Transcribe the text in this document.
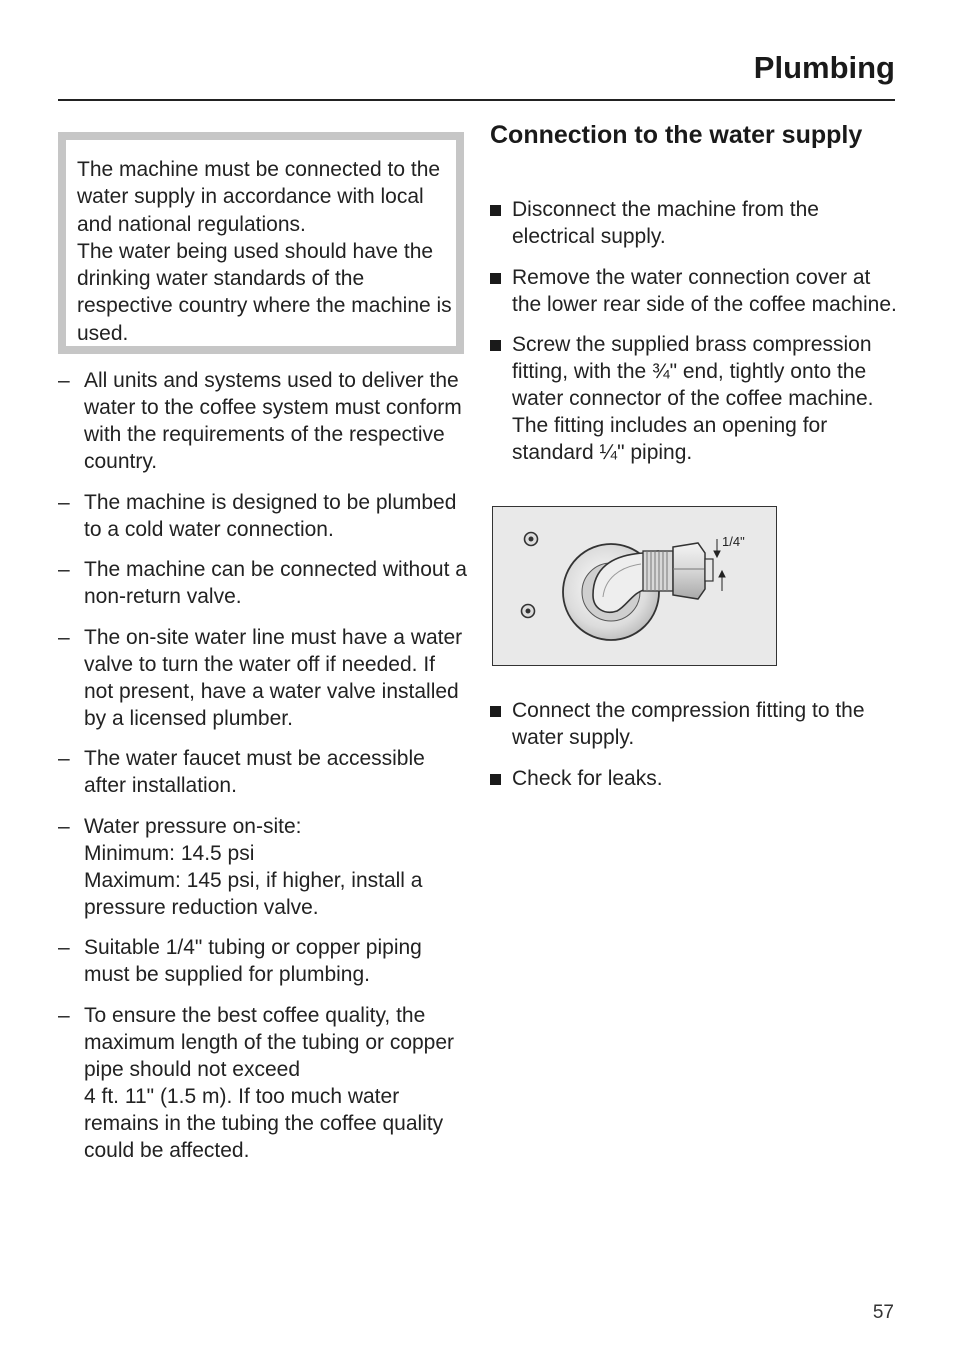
Plumbing

The machine must be connected to the water supply in accordance with local and national regulations.

The water being used should have the drinking water standards of the respective country where the machine is used.

– All units and systems used to deliver the water to the coffee system must conform with the requirements of the respective country.
– The machine is designed to be plumbed to a cold water connection.
– The machine can be connected without a non-return valve.
– The on-site water line must have a water valve to turn the water off if needed. If not present, have a water valve installed by a licensed plumber.
– The water faucet must be accessible after installation.
– Water pressure on-site:
Minimum: 14.5 psi
Maximum: 145 psi, if higher, install a pressure reduction valve.
– Suitable 1/4" tubing or copper piping must be supplied for plumbing.
– To ensure the best coffee quality, the maximum length of the tubing or copper pipe should not exceed
4 ft. 11" (1.5 m). If too much water remains in the tubing the coffee quality could be affected.
Connection to the water supply
Disconnect the machine from the electrical supply.
Remove the water connection cover at the lower rear side of the coffee machine.
Screw the supplied brass compression fitting, with the ¾" end, tightly onto the water connector of the coffee machine. The fitting includes an opening for standard ¼" piping.
1/4"
Connect the compression fitting to the water supply.
Check for leaks.
57
